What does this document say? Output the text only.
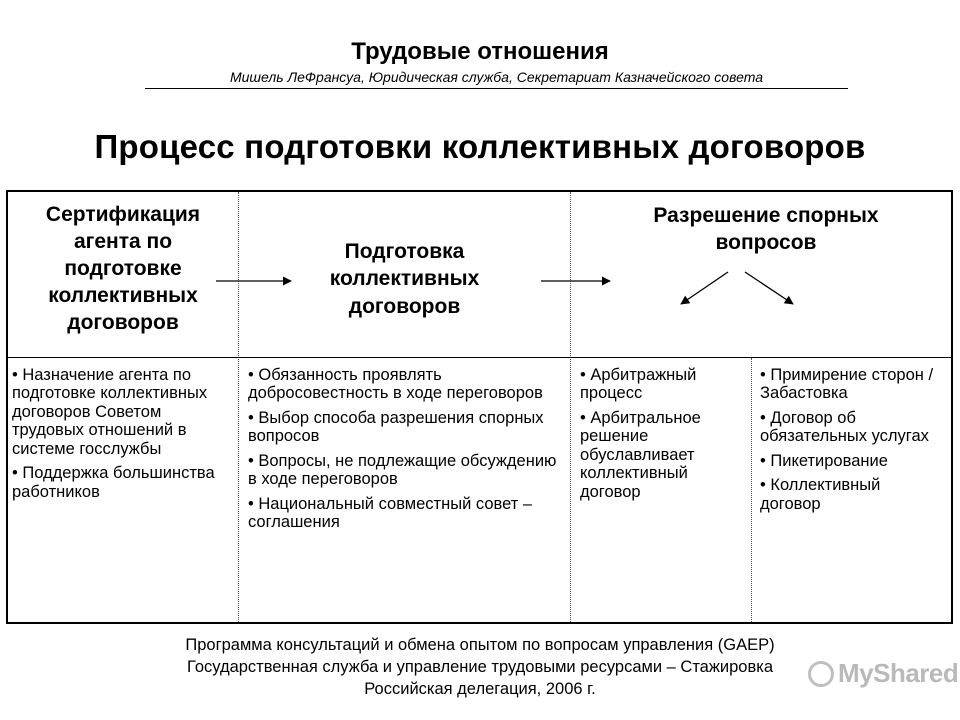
Трудовые отношения
Мишель ЛеФрансуа, Юридическая служба, Секретариат Казначейского совета
Процесс подготовки коллективных договоров
Сертификация агента по подготовке коллективных договоров
Подготовка коллективных договоров
Разрешение спорных вопросов
• Назначение агента по подготовке коллективных договоров Советом трудовых отношений в системе госслужбы
• Поддержка большинства работников
• Обязанность проявлять добросовестность в ходе переговоров
• Выбор способа разрешения спорных вопросов
• Вопросы, не подлежащие обсуждению в ходе переговоров
• Национальный совместный совет – соглашения
• Арбитражный процесс
• Арбитральное решение обуславливает коллективный договор
• Примирение сторон / Забастовка
• Договор об обязательных услугах
• Пикетирование
• Коллективный договор
Программа консультаций и обмена опытом по вопросам управления (GAEP)
Государственная служба и управление трудовыми ресурсами – Стажировка
Российская делегация, 2006 г.
MyShared
